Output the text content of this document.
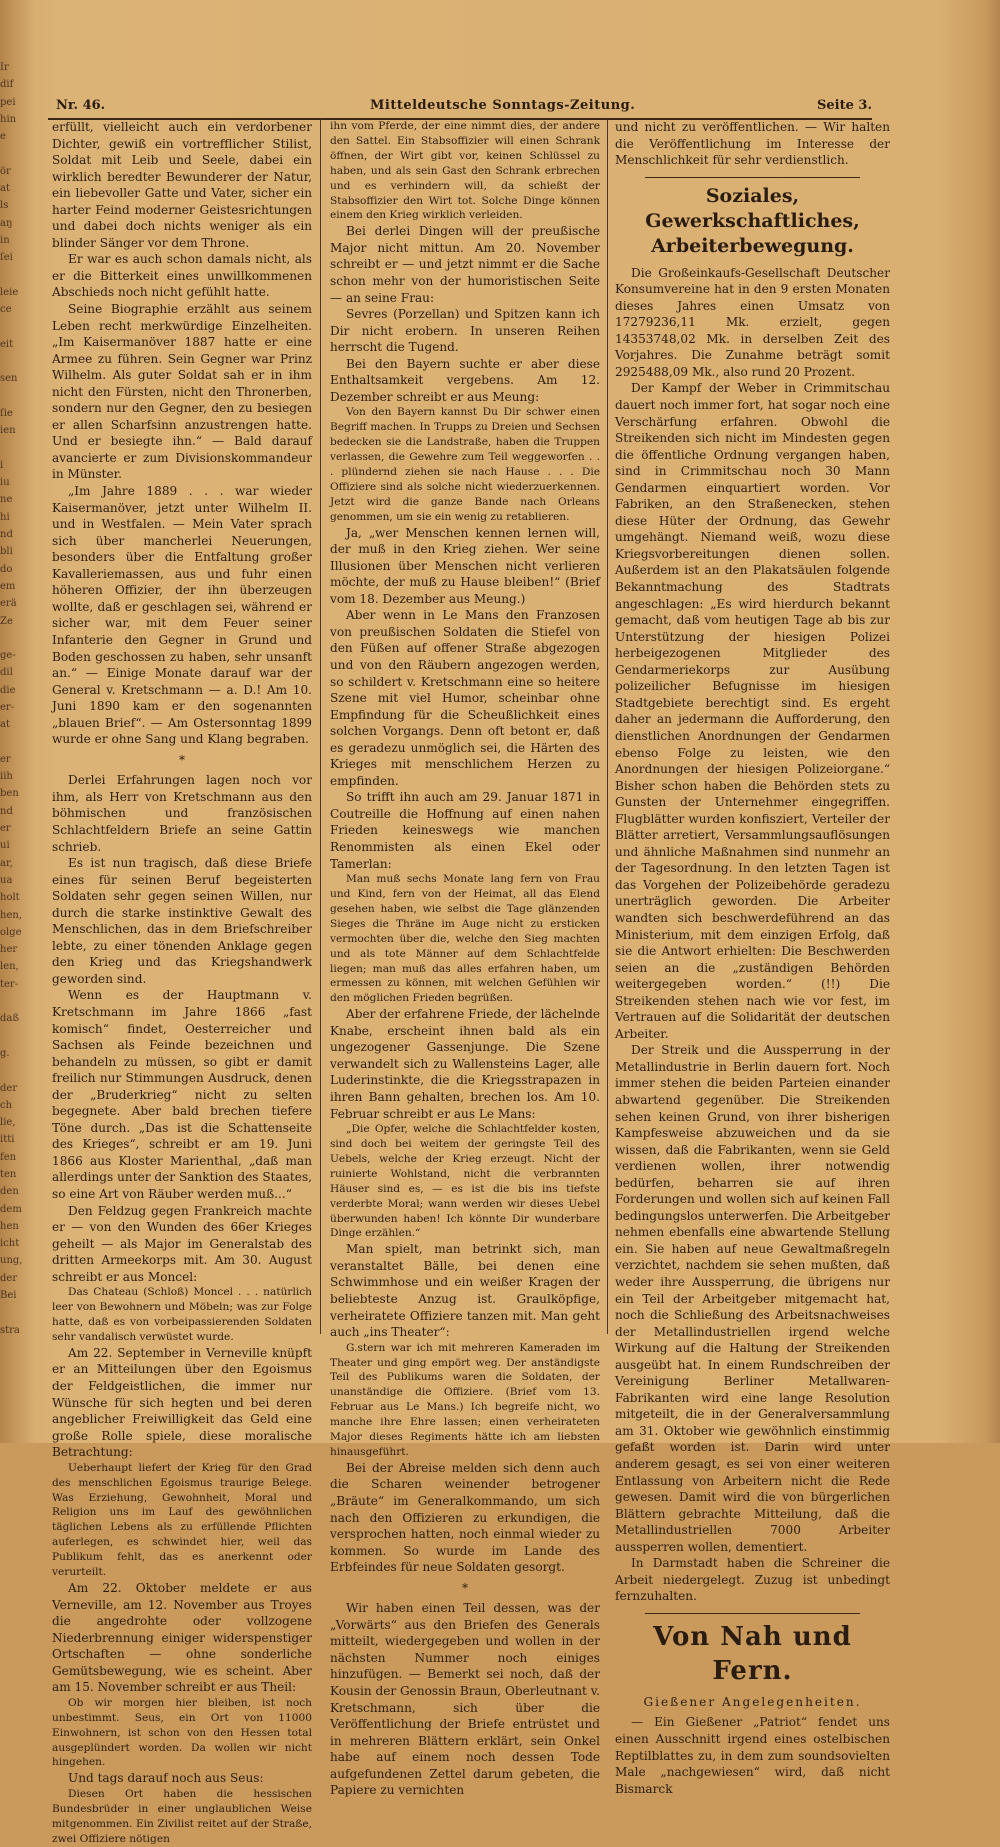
Ir
dif
pei
hin
e
ör
at
ls
aŋ
in
ſei
leie
ce
eit
sen
ſie
ien
i
iu
ne
hi
nd
bli
do
em
erä
Ze
ge-
dil
die
er-
at
er
iih
ben
nd
er
ui
ar,
ua
holt
hen,
olge
her
len,
ter-
daß
g.
der
ch
lie,
itti
fen
ten
den
dem
hen
icht
ung,
der
Bei
stra
Nr. 46.	Mitteldeutsche Sonntags-Zeitung.	Seite 3.

erfüllt, vielleicht auch ein verdorbener Dichter, gewiß ein vortrefflicher Stilist, Soldat mit Leib und Seele, dabei ein wirklich beredter Bewunderer der Natur, ein liebevoller Gatte und Vater, sicher ein harter Feind moderner Geistesrichtungen und dabei doch nichts weniger als ein blinder Sänger vor dem Throne.

Er war es auch schon damals nicht, als er die Bitterkeit eines unwillkommenen Abschieds noch nicht gefühlt hatte.

Seine Biographie erzählt aus seinem Leben recht merkwürdige Einzelheiten. „Im Kaisermanöver 1887 hatte er eine Armee zu führen. Sein Gegner war Prinz Wilhelm. Als guter Soldat sah er in ihm nicht den Fürsten, nicht den Thronerben, sondern nur den Gegner, den zu besiegen er allen Scharfsinn anzustrengen hatte. Und er besiegte ihn.“ — Bald darauf avancierte er zum Divisionskommandeur in Münster.

„Im Jahre 1889 . . . war wieder Kaisermanöver, jetzt unter Wilhelm II. und in Westfalen. — Mein Vater sprach sich über mancherlei Neuerungen, besonders über die Entfaltung großer Kavalleriemassen, aus und fuhr einen höheren Offizier, der ihn überzeugen wollte, daß er geschlagen sei, während er sicher war, mit dem Feuer seiner Infanterie den Gegner in Grund und Boden geschossen zu haben, sehr unsanft an.“ — Einige Monate darauf war der General v. Kretschmann — a. D.! Am 10. Juni 1890 kam er den sogenannten „blauen Brief“. — Am Ostersonntag 1899 wurde er ohne Sang und Klang begraben.

*

Derlei Erfahrungen lagen noch vor ihm, als Herr von Kretschmann aus den böhmischen und französischen Schlachtfeldern Briefe an seine Gattin schrieb.

Es ist nun tragisch, daß diese Briefe eines für seinen Beruf begeisterten Soldaten sehr gegen seinen Willen, nur durch die starke instinktive Gewalt des Menschlichen, das in dem Briefschreiber lebte, zu einer tönenden Anklage gegen den Krieg und das Kriegshandwerk geworden sind.

Wenn es der Hauptmann v. Kretschmann im Jahre 1866 „fast komisch“ findet, Oesterreicher und Sachsen als Feinde bezeichnen und behandeln zu müssen, so gibt er damit freilich nur Stimmungen Ausdruck, denen der „Bruderkrieg“ nicht zu selten begegnete. Aber bald brechen tiefere Töne durch. „Das ist die Schattenseite des Krieges“, schreibt er am 19. Juni 1866 aus Kloster Marienthal, „daß man allerdings unter der Sanktion des Staates, so eine Art von Räuber werden muß...“

Den Feldzug gegen Frankreich machte er — von den Wunden des 66er Krieges geheilt — als Major im Generalstab des dritten Armeekorps mit. Am 30. August schreibt er aus Moncel:

Das Chateau (Schloß) Moncel . . . natürlich leer von Bewohnern und Möbeln; was zur Folge hatte, daß es von vorbeipassierenden Soldaten sehr vandalisch verwüstet wurde.

Am 22. September in Verneville knüpft er an Mitteilungen über den Egoismus der Feldgeistlichen, die immer nur Wünsche für sich hegten und bei deren angeblicher Freiwilligkeit das Geld eine große Rolle spiele, diese moralische Betrachtung:

Ueberhaupt liefert der Krieg für den Grad des menschlichen Egoismus traurige Belege. Was Erziehung, Gewohnheit, Moral und Religion uns im Lauf des gewöhnlichen täglichen Lebens als zu erfüllende Pflichten auferlegen, es schwindet hier, weil das Publikum fehlt, das es anerkennt oder verurteilt.

Am 22. Oktober meldete er aus Verneville, am 12. November aus Troyes die angedrohte oder vollzogene Niederbrennung einiger widerspenstiger Ortschaften — ohne sonderliche Gemütsbewegung, wie es scheint. Aber am 15. November schreibt er aus Theil:

Ob wir morgen hier bleiben, ist noch unbestimmt. Seus, ein Ort von 11000 Einwohnern, ist schon von den Hessen total ausgeplündert worden. Da wollen wir nicht hingehen.

Und tags darauf noch aus Seus:

Diesen Ort haben die hessischen Bundesbrüder in einer unglaublichen Weise mitgenommen. Ein Zivilist reitet auf der Straße, zwei Offiziere nötigen

ihn vom Pferde, der eine nimmt dies, der andere den Sattel. Ein Stabsoffizier will einen Schrank öffnen, der Wirt gibt vor, keinen Schlüssel zu haben, und als sein Gast den Schrank erbrechen und es verhindern will, da schießt der Stabsoffizier den Wirt tot. Solche Dinge können einem den Krieg wirklich verleiden.

Bei derlei Dingen will der preußische Major nicht mittun. Am 20. November schreibt er — und jetzt nimmt er die Sache schon mehr von der humoristischen Seite — an seine Frau:

Sevres (Porzellan) und Spitzen kann ich Dir nicht erobern. In unseren Reihen herrscht die Tugend.

Bei den Bayern suchte er aber diese Enthaltsamkeit vergebens. Am 12. Dezember schreibt er aus Meung:

Von den Bayern kannst Du Dir schwer einen Begriff machen. In Trupps zu Dreien und Sechsen bedecken sie die Landstraße, haben die Truppen verlassen, die Gewehre zum Teil weggeworfen . . . plündernd ziehen sie nach Hause . . . Die Offiziere sind als solche nicht wiederzuerkennen. Jetzt wird die ganze Bande nach Orleans genommen, um sie ein wenig zu retablieren.

Ja, „wer Menschen kennen lernen will, der muß in den Krieg ziehen. Wer seine Illusionen über Menschen nicht verlieren möchte, der muß zu Hause bleiben!“ (Brief vom 18. Dezember aus Meung.)

Aber wenn in Le Mans den Franzosen von preußischen Soldaten die Stiefel von den Füßen auf offener Straße abgezogen und von den Räubern angezogen werden, so schildert v. Kretschmann eine so heitere Szene mit viel Humor, scheinbar ohne Empfindung für die Scheußlichkeit eines solchen Vorgangs. Denn oft betont er, daß es geradezu unmöglich sei, die Härten des Krieges mit menschlichem Herzen zu empfinden.

So trifft ihn auch am 29. Januar 1871 in Coutreille die Hoffnung auf einen nahen Frieden keineswegs wie manchen Renommisten als einen Ekel oder Tamerlan:

Man muß sechs Monate lang fern von Frau und Kind, fern von der Heimat, all das Elend gesehen haben, wie selbst die Tage glänzenden Sieges die Thräne im Auge nicht zu ersticken vermochten über die, welche den Sieg machten und als tote Männer auf dem Schlachtfelde liegen; man muß das alles erfahren haben, um ermessen zu können, mit welchen Gefühlen wir den möglichen Frieden begrüßen.

Aber der erfahrene Friede, der lächelnde Knabe, erscheint ihnen bald als ein ungezogener Gassenjunge. Die Szene verwandelt sich zu Wallensteins Lager, alle Luderinstinkte, die die Kriegsstrapazen in ihren Bann gehalten, brechen los. Am 10. Februar schreibt er aus Le Mans:

„Die Opfer, welche die Schlachtfelder kosten, sind doch bei weitem der geringste Teil des Uebels, welche der Krieg erzeugt. Nicht der ruinierte Wohlstand, nicht die verbrannten Häuser sind es, — es ist die bis ins tiefste verderbte Moral; wann werden wir dieses Uebel überwunden haben! Ich könnte Dir wunderbare Dinge erzählen.“

Man spielt, man betrinkt sich, man veranstaltet Bälle, bei denen eine Schwimmhose und ein weißer Kragen der beliebteste Anzug ist. Graulköpfige, verheiratete Offiziere tanzen mit. Man geht auch „ins Theater“:

G.stern war ich mit mehreren Kameraden im Theater und ging empört weg. Der anständigste Teil des Publikums waren die Soldaten, der unanständige die Offiziere. (Brief vom 13. Februar aus Le Mans.) Ich begreife nicht, wo manche ihre Ehre lassen; einen verheirateten Major dieses Regiments hätte ich am liebsten hinausgeführt.

Bei der Abreise melden sich denn auch die Scharen weinender betrogener „Bräute“ im Generalkommando, um sich nach den Offizieren zu erkundigen, die versprochen hatten, noch einmal wieder zu kommen. So wurde im Lande des Erbfeindes für neue Soldaten gesorgt.

*

Wir haben einen Teil dessen, was der „Vorwärts“ aus den Briefen des Generals mitteilt, wiedergegeben und wollen in der nächsten Nummer noch einiges hinzufügen. — Bemerkt sei noch, daß der Kousin der Genossin Braun, Oberleutnant v. Kretschmann, sich über die Veröffentlichung der Briefe entrüstet und in mehreren Blättern erklärt, sein Onkel habe auf einem noch dessen Tode aufgefundenen Zettel darum gebeten, die Papiere zu vernichten

und nicht zu veröffentlichen. — Wir halten die Veröffentlichung im Interesse der Menschlichkeit für sehr verdienstlich.

Soziales, Gewerkschaftliches, Arbeiterbewegung.

Die Großeinkaufs-Gesellschaft Deutscher Konsumvereine hat in den 9 ersten Monaten dieses Jahres einen Umsatz von 17279236,11 Mk. erzielt, gegen 14353748,02 Mk. in derselben Zeit des Vorjahres. Die Zunahme beträgt somit 2925488,09 Mk., also rund 20 Prozent.

Der Kampf der Weber in Crimmitschau dauert noch immer fort, hat sogar noch eine Verschärfung erfahren. Obwohl die Streikenden sich nicht im Mindesten gegen die öffentliche Ordnung vergangen haben, sind in Crimmitschau noch 30 Mann Gendarmen einquartiert worden. Vor Fabriken, an den Straßenecken, stehen diese Hüter der Ordnung, das Gewehr umgehängt. Niemand weiß, wozu diese Kriegsvorbereitungen dienen sollen. Außerdem ist an den Plakatsäulen folgende Bekanntmachung des Stadtrats angeschlagen: „Es wird hierdurch bekannt gemacht, daß vom heutigen Tage ab bis zur Unterstützung der hiesigen Polizei herbeigezogenen Mitglieder des Gendarmeriekorps zur Ausübung polizeilicher Befugnisse im hiesigen Stadtgebiete berechtigt sind. Es ergeht daher an jedermann die Aufforderung, den dienstlichen Anordnungen der Gendarmen ebenso Folge zu leisten, wie den Anordnungen der hiesigen Polizeiorgane.“ Bisher schon haben die Behörden stets zu Gunsten der Unternehmer eingegriffen. Flugblätter wurden konfisziert, Verteiler der Blätter arretiert, Versammlungsauflösungen und ähnliche Maßnahmen sind nunmehr an der Tagesordnung. In den letzten Tagen ist das Vorgehen der Polizeibehörde geradezu unerträglich geworden. Die Arbeiter wandten sich beschwerdeführend an das Ministerium, mit dem einzigen Erfolg, daß sie die Antwort erhielten: Die Beschwerden seien an die „zuständigen Behörden weitergegeben worden.“ (!!) Die Streikenden stehen nach wie vor fest, im Vertrauen auf die Solidarität der deutschen Arbeiter.

Der Streik und die Aussperrung in der Metallindustrie in Berlin dauern fort. Noch immer stehen die beiden Parteien einander abwartend gegenüber. Die Streikenden sehen keinen Grund, von ihrer bisherigen Kampfesweise abzuweichen und da sie wissen, daß die Fabrikanten, wenn sie Geld verdienen wollen, ihrer notwendig bedürfen, beharren sie auf ihren Forderungen und wollen sich auf keinen Fall bedingungslos unterwerfen. Die Arbeitgeber nehmen ebenfalls eine abwartende Stellung ein. Sie haben auf neue Gewaltmaßregeln verzichtet, nachdem sie sehen mußten, daß weder ihre Aussperrung, die übrigens nur ein Teil der Arbeitgeber mitgemacht hat, noch die Schließung des Arbeitsnachweises der Metallindustriellen irgend welche Wirkung auf die Haltung der Streikenden ausgeübt hat. In einem Rundschreiben der Vereinigung Berliner Metallwaren-Fabrikanten wird eine lange Resolution mitgeteilt, die in der Generalversammlung am 31. Oktober wie gewöhnlich einstimmig gefaßt worden ist. Darin wird unter anderem gesagt, es sei von einer weiteren Entlassung von Arbeitern nicht die Rede gewesen. Damit wird die von bürgerlichen Blättern gebrachte Mitteilung, daß die Metallindustriellen 7000 Arbeiter aussperren wollen, dementiert.

In Darmstadt haben die Schreiner die Arbeit niedergelegt. Zuzug ist unbedingt fernzuhalten.

Von Nah und Fern.

Gießener Angelegenheiten.

— Ein Gießener „Patriot“ fendet uns einen Ausschnitt irgend eines ostelbischen Reptilblattes zu, in dem zum soundsovielten Male „nachgewiesen“ wird, daß nicht Bismarck
